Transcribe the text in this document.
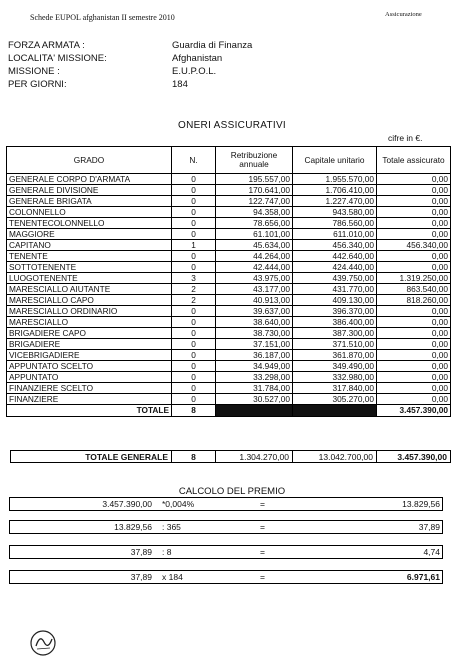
Schede EUPOL afghanistan II semestre 2010	Assicurazione
FORZA ARMATA :	Guardia di Finanza
LOCALITA' MISSIONE:	Afghanistan
MISSIONE :	E.U.P.O.L.
PER GIORNI:	184
ONERI ASSICURATIVI
cifre in €.
GRADO	N.	Retribuzione annuale	Capitale unitario	Totale assicurato
GENERALE CORPO D'ARMATA	0	195.557,00	1.955.570,00	0,00
GENERALE DIVISIONE	0	170.641,00	1.706.410,00	0,00
GENERALE BRIGATA	0	122.747,00	1.227.470,00	0,00
COLONNELLO	0	94.358,00	943.580,00	0,00
TENENTECOLONNELLO	0	78.656,00	786.560,00	0,00
MAGGIORE	0	61.101,00	611.010,00	0,00
CAPITANO	1	45.634,00	456.340,00	456.340,00
TENENTE	0	44.264,00	442.640,00	0,00
SOTTOTENENTE	0	42.444,00	424.440,00	0,00
LUOGOTENENTE	3	43.975,00	439.750,00	1.319.250,00
MARESCIALLO AIUTANTE	2	43.177,00	431.770,00	863.540,00
MARESCIALLO CAPO	2	40.913,00	409.130,00	818.260,00
MARESCIALLO ORDINARIO	0	39.637,00	396.370,00	0,00
MARESCIALLO	0	38.640,00	386.400,00	0,00
BRIGADIERE CAPO	0	38.730,00	387.300,00	0,00
BRIGADIERE	0	37.151,00	371.510,00	0,00
VICEBRIGADIERE	0	36.187,00	361.870,00	0,00
APPUNTATO SCELTO	0	34.949,00	349.490,00	0,00
APPUNTATO	0	33.298,00	332.980,00	0,00
FINANZIERE SCELTO	0	31.784,00	317.840,00	0,00
FINANZIERE	0	30.527,00	305.270,00	0,00
TOTALE	8			3.457.390,00
TOTALE GENERALE	8	1.304.270,00	13.042.700,00	3.457.390,00
CALCOLO DEL PREMIO
3.457.390,00 *0,004%	=	13.829,56
13.829,56 : 365	=	37,89
37,89 : 8	=	4,74
37,89 x 184	=	6.971,61
